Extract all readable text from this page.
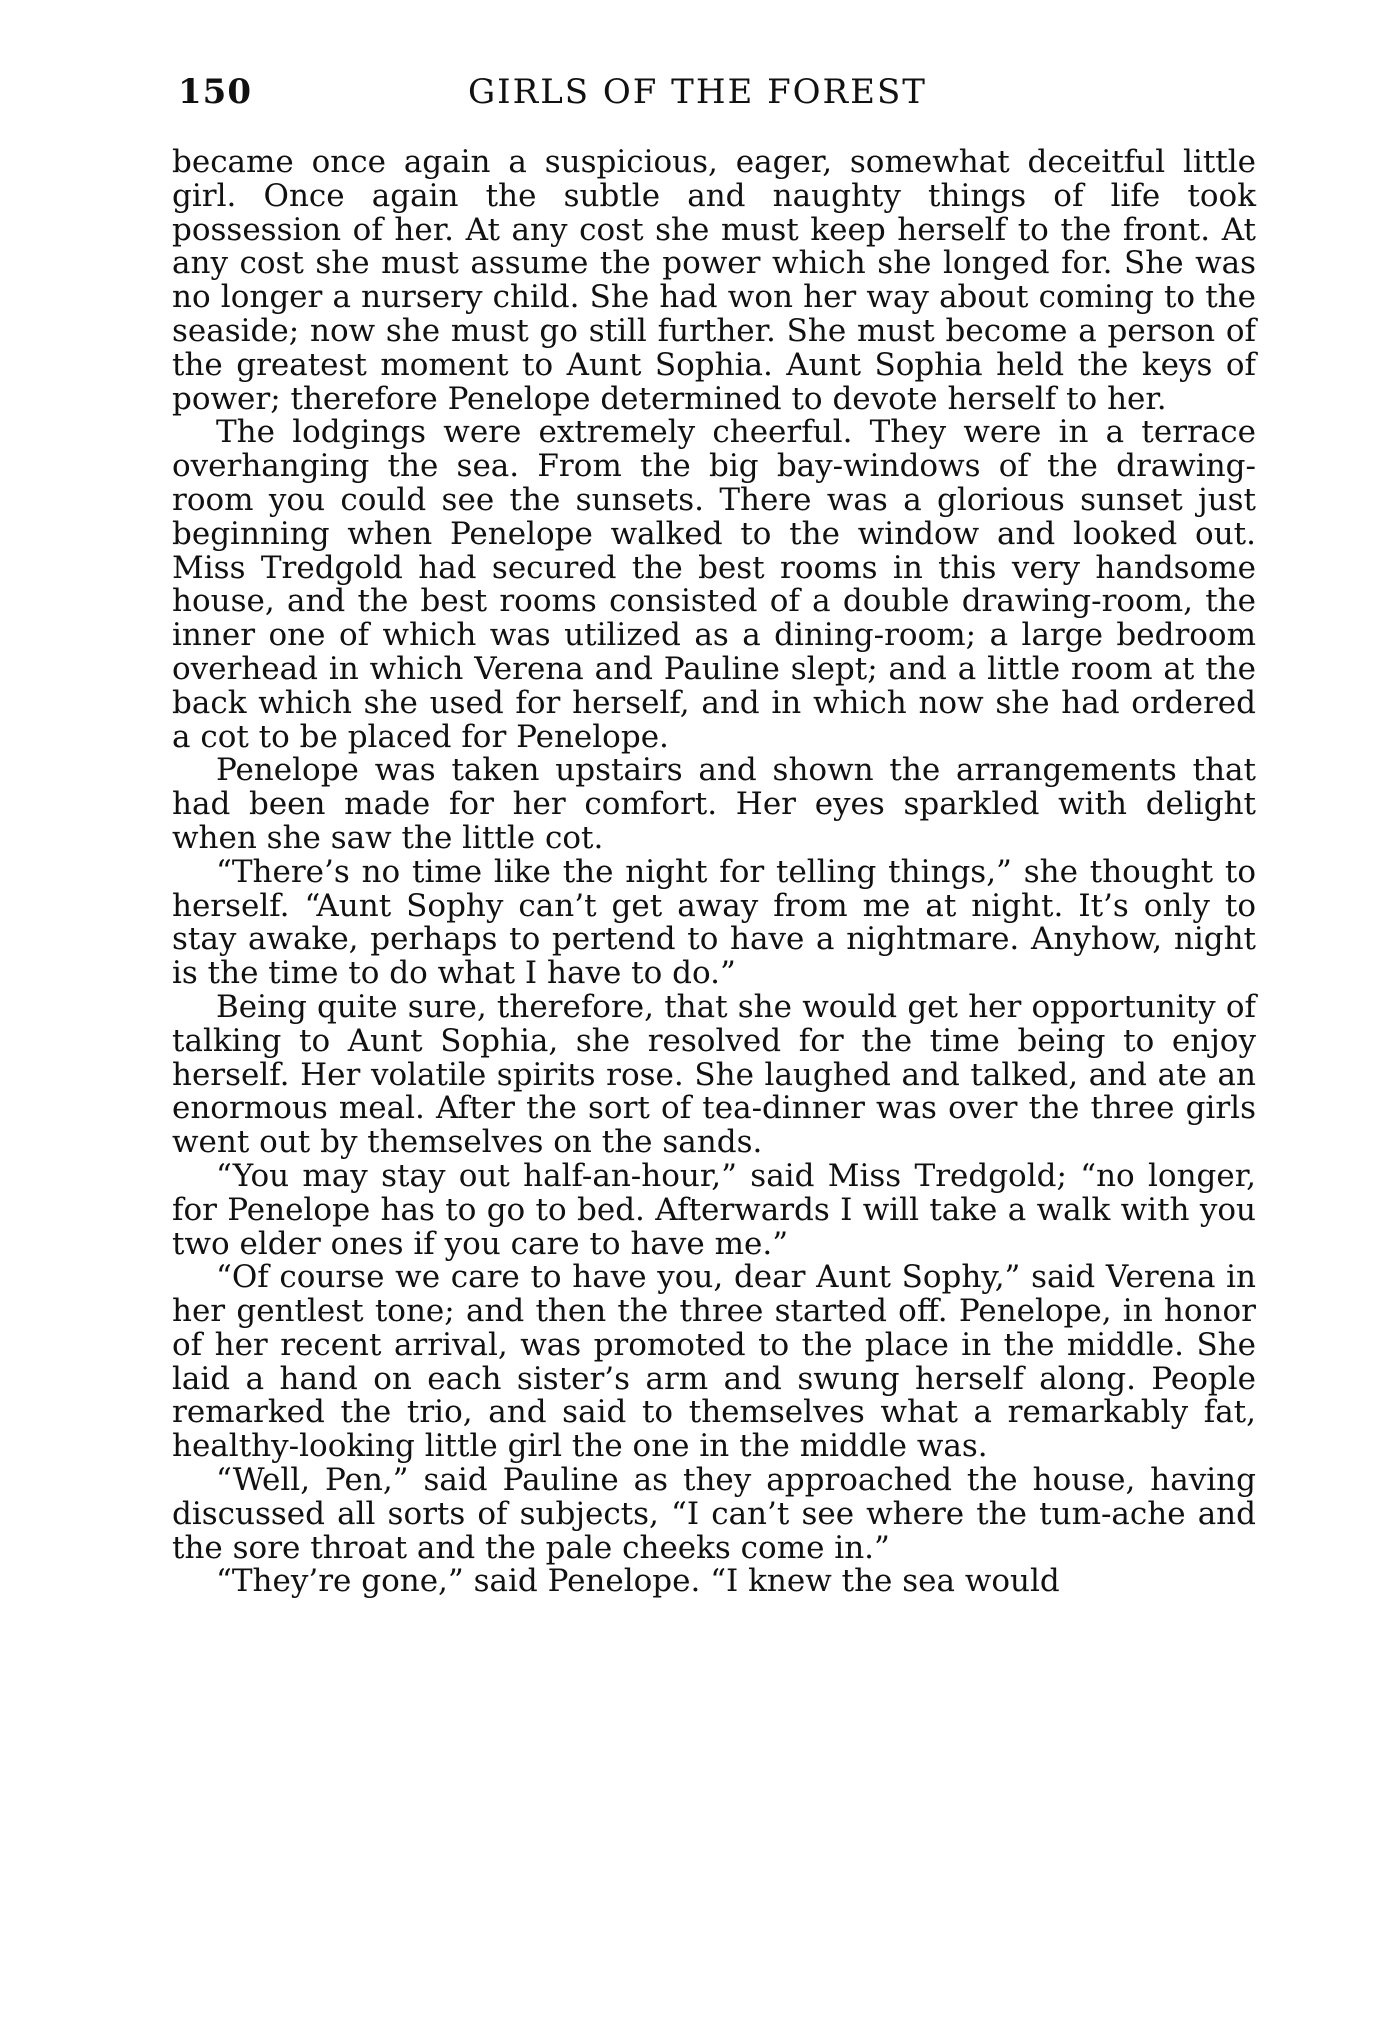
150	GIRLS OF THE FOREST

became once again a suspicious, eager, somewhat deceitful little girl. Once again the subtle and naughty things of life took possession of her. At any cost she must keep herself to the front. At any cost she must assume the power which she longed for. She was no longer a nursery child. She had won her way about coming to the seaside; now she must go still further. She must become a person of the greatest moment to Aunt Sophia. Aunt Sophia held the keys of power; therefore Penelope determined to devote herself to her.

The lodgings were extremely cheerful. They were in a terrace overhanging the sea. From the big bay-windows of the drawing-room you could see the sunsets. There was a glorious sunset just beginning when Penelope walked to the window and looked out. Miss Tredgold had secured the best rooms in this very handsome house, and the best rooms consisted of a double drawing-room, the inner one of which was utilized as a dining-room; a large bedroom overhead in which Verena and Pauline slept; and a little room at the back which she used for herself, and in which now she had ordered a cot to be placed for Penelope.

Penelope was taken upstairs and shown the arrangements that had been made for her comfort. Her eyes sparkled with delight when she saw the little cot.

“There’s no time like the night for telling things,” she thought to herself. “Aunt Sophy can’t get away from me at night. It’s only to stay awake, perhaps to pertend to have a nightmare. Anyhow, night is the time to do what I have to do.”

Being quite sure, therefore, that she would get her opportunity of talking to Aunt Sophia, she resolved for the time being to enjoy herself. Her volatile spirits rose. She laughed and talked, and ate an enormous meal. After the sort of tea-dinner was over the three girls went out by themselves on the sands.

“You may stay out half-an-hour,” said Miss Tredgold; “no longer, for Penelope has to go to bed. Afterwards I will take a walk with you two elder ones if you care to have me.”

“Of course we care to have you, dear Aunt Sophy,” said Verena in her gentlest tone; and then the three started off. Penelope, in honor of her recent arrival, was promoted to the place in the middle. She laid a hand on each sister’s arm and swung herself along. People remarked the trio, and said to themselves what a remarkably fat, healthy-looking little girl the one in the middle was.

“Well, Pen,” said Pauline as they approached the house, having discussed all sorts of subjects, “I can’t see where the tum-ache and the sore throat and the pale cheeks come in.”

“They’re gone,” said Penelope. “I knew the sea would
